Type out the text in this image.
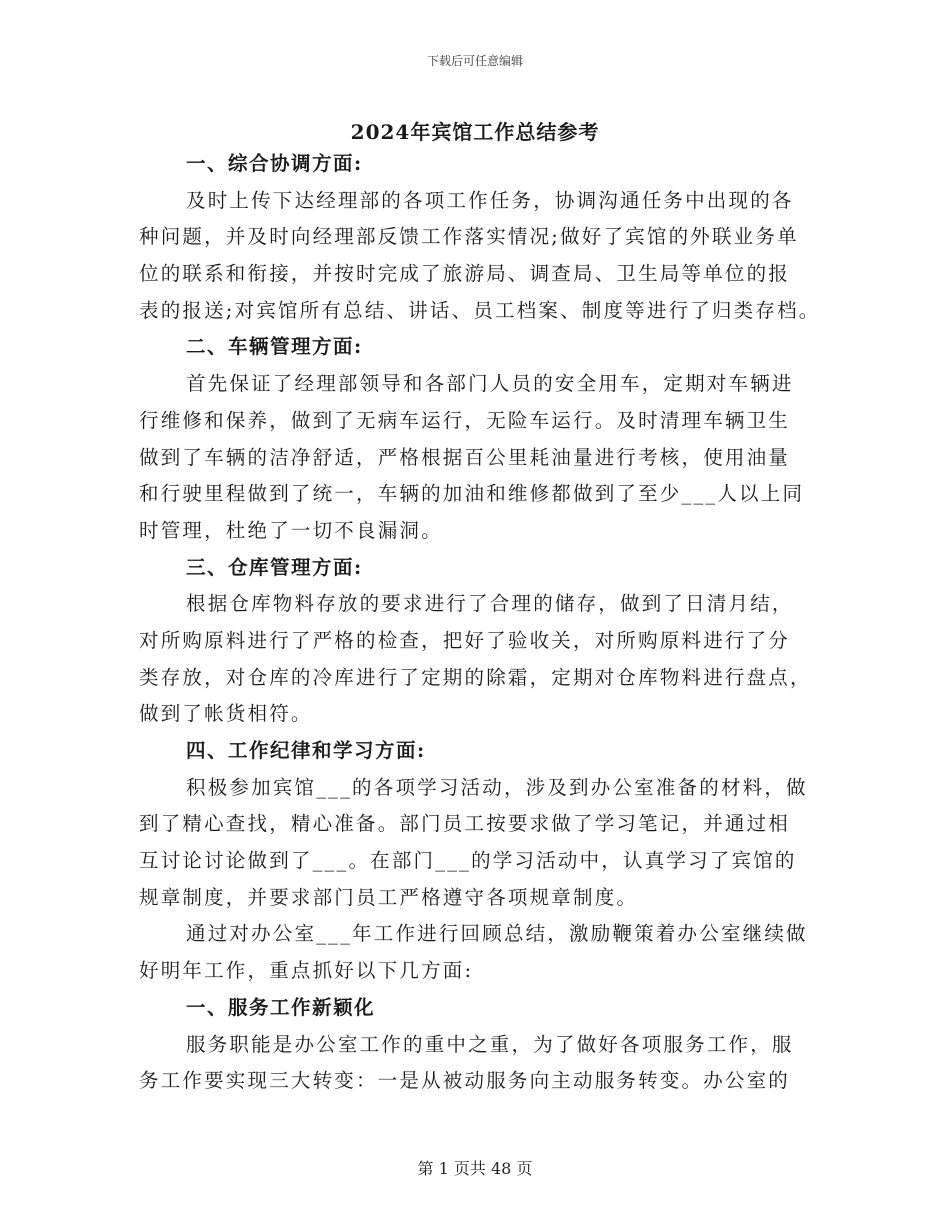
下载后可任意编辑
2024年宾馆工作总结参考
一、综合协调方面:
及时上传下达经理部的各项工作任务，协调沟通任务中出现的各
种问题，并及时向经理部反馈工作落实情况;做好了宾馆的外联业务单
位的联系和衔接，并按时完成了旅游局、调查局、卫生局等单位的报
表的报送;对宾馆所有总结、讲话、员工档案、制度等进行了归类存档。
二、车辆管理方面:
首先保证了经理部领导和各部门人员的安全用车，定期对车辆进
行维修和保养，做到了无病车运行，无险车运行。及时清理车辆卫生
做到了车辆的洁净舒适，严格根据百公里耗油量进行考核，使用油量
和行驶里程做到了统一，车辆的加油和维修都做到了至少___人以上同
时管理，杜绝了一切不良漏洞。
三、仓库管理方面:
根据仓库物料存放的要求进行了合理的储存，做到了日清月结，
对所购原料进行了严格的检查，把好了验收关，对所购原料进行了分
类存放，对仓库的冷库进行了定期的除霜，定期对仓库物料进行盘点，
做到了帐货相符。
四、工作纪律和学习方面:
积极参加宾馆___的各项学习活动，涉及到办公室准备的材料，做
到了精心查找，精心准备。部门员工按要求做了学习笔记，并通过相
互讨论讨论做到了___。在部门___的学习活动中，认真学习了宾馆的
规章制度，并要求部门员工严格遵守各项规章制度。
通过对办公室___年工作进行回顾总结，激励鞭策着办公室继续做
好明年工作，重点抓好以下几方面:
一、服务工作新颖化
服务职能是办公室工作的重中之重，为了做好各项服务工作，服
务工作要实现三大转变：一是从被动服务向主动服务转变。办公室的
第 1 页共 48 页
